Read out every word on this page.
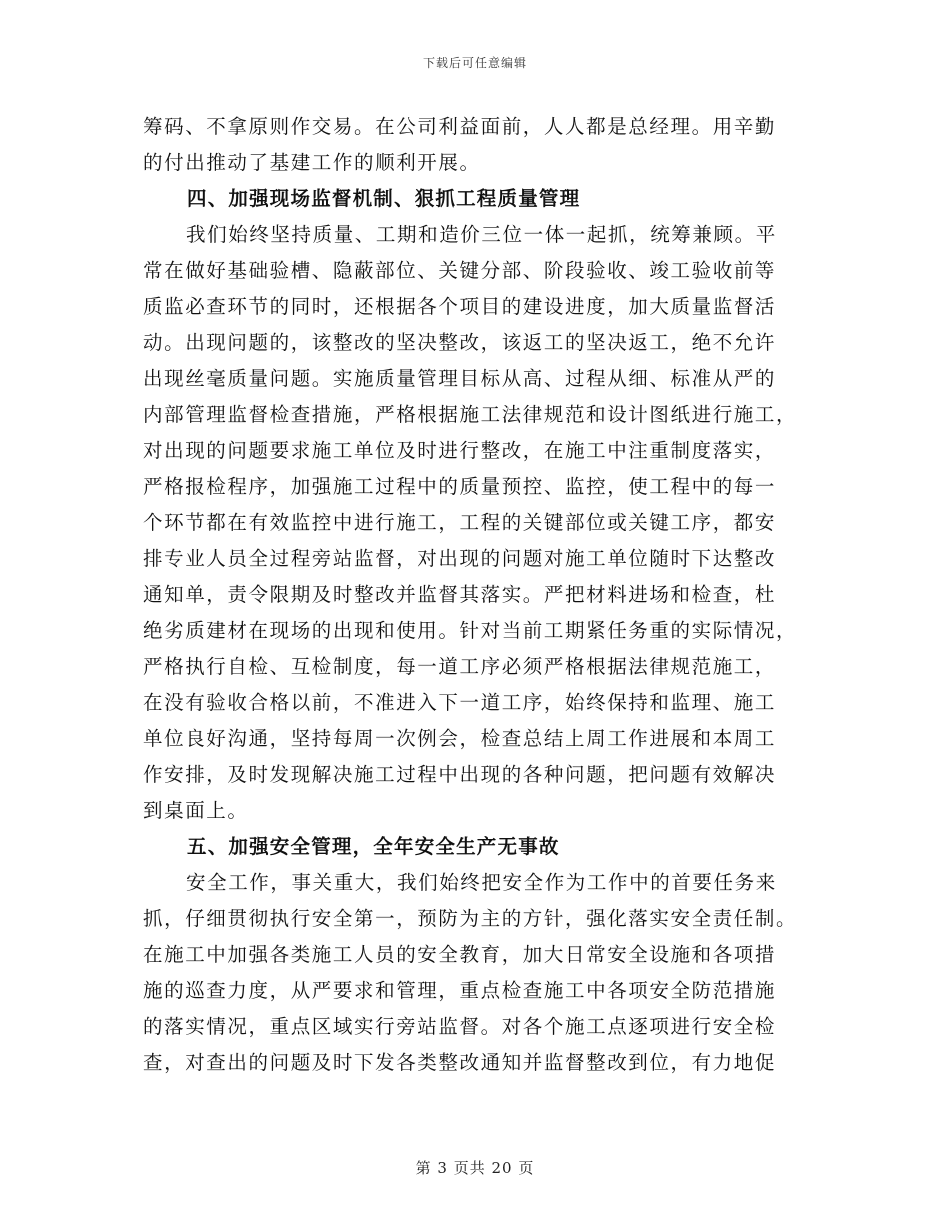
下载后可任意编辑
筹码、不拿原则作交易。在公司利益面前，人人都是总经理。用辛勤
的付出推动了基建工作的顺利开展。
四、加强现场监督机制、狠抓工程质量管理
我们始终坚持质量、工期和造价三位一体一起抓，统筹兼顾。平
常在做好基础验槽、隐蔽部位、关键分部、阶段验收、竣工验收前等
质监必查环节的同时，还根据各个项目的建设进度，加大质量监督活
动。出现问题的，该整改的坚决整改，该返工的坚决返工，绝不允许
出现丝毫质量问题。实施质量管理目标从高、过程从细、标准从严的
内部管理监督检查措施，严格根据施工法律规范和设计图纸进行施工，
对出现的问题要求施工单位及时进行整改，在施工中注重制度落实，
严格报检程序，加强施工过程中的质量预控、监控，使工程中的每一
个环节都在有效监控中进行施工，工程的关键部位或关键工序，都安
排专业人员全过程旁站监督，对出现的问题对施工单位随时下达整改
通知单，责令限期及时整改并监督其落实。严把材料进场和检查，杜
绝劣质建材在现场的出现和使用。针对当前工期紧任务重的实际情况，
严格执行自检、互检制度，每一道工序必须严格根据法律规范施工，
在没有验收合格以前，不准进入下一道工序，始终保持和监理、施工
单位良好沟通，坚持每周一次例会，检查总结上周工作进展和本周工
作安排，及时发现解决施工过程中出现的各种问题，把问题有效解决
到桌面上。
五、加强安全管理，全年安全生产无事故
安全工作，事关重大，我们始终把安全作为工作中的首要任务来
抓，仔细贯彻执行安全第一，预防为主的方针，强化落实安全责任制。
在施工中加强各类施工人员的安全教育，加大日常安全设施和各项措
施的巡查力度，从严要求和管理，重点检查施工中各项安全防范措施
的落实情况，重点区域实行旁站监督。对各个施工点逐项进行安全检
查，对查出的问题及时下发各类整改通知并监督整改到位，有力地促
第 3 页共 20 页
